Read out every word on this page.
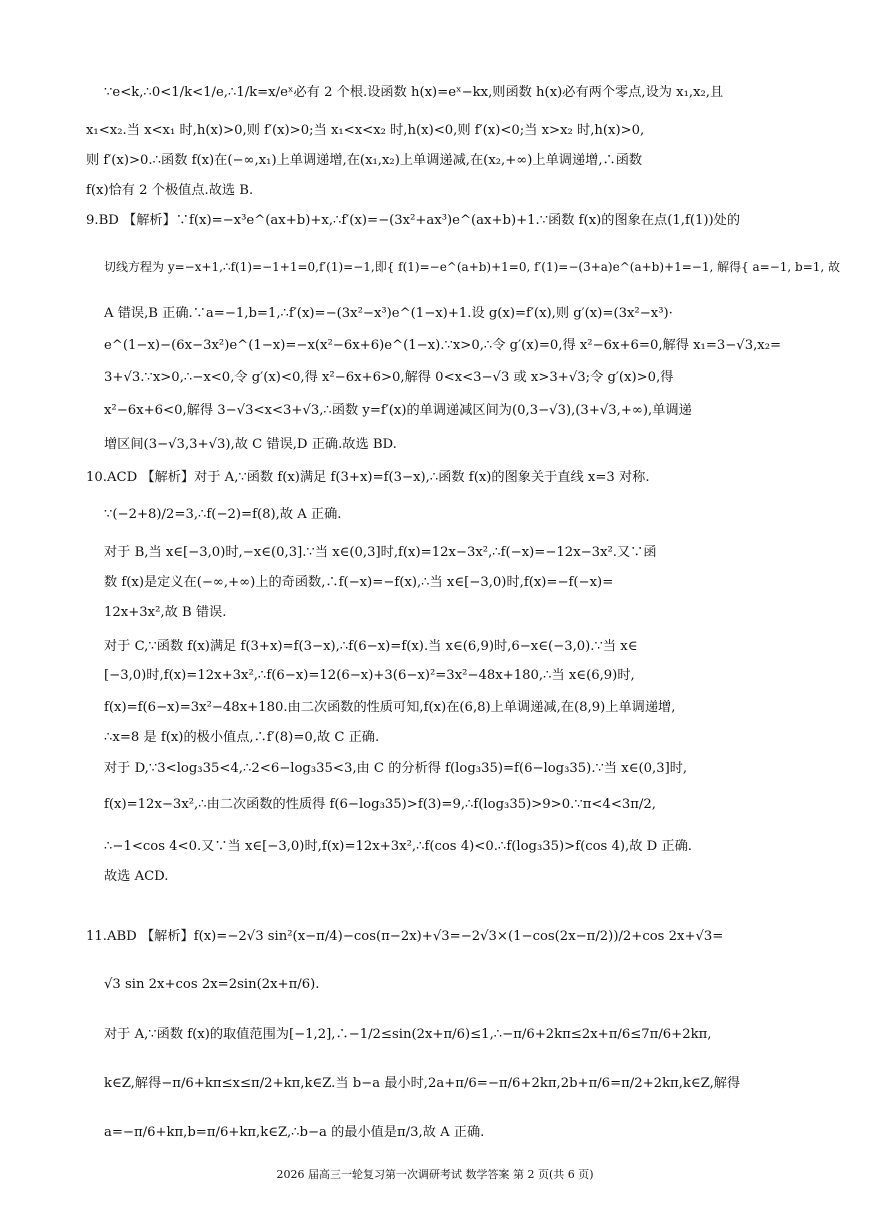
∵e<k,∴0<1/k<1/e,∴1/k=x/eˣ必有 2 个根.设函数 h(x)=eˣ−kx,则函数 h(x)必有两个零点,设为 x₁,x₂,且
x₁<x₂.当 x<x₁ 时,h(x)>0,则 f′(x)>0;当 x₁<x<x₂ 时,h(x)<0,则 f′(x)<0;当 x>x₂ 时,h(x)>0,
则 f′(x)>0.∴函数 f(x)在(−∞,x₁)上单调递增,在(x₁,x₂)上单调递减,在(x₂,+∞)上单调递增,∴函数
f(x)恰有 2 个极值点.故选 B.
9.BD 【解析】∵f(x)=−x³e^(ax+b)+x,∴f′(x)=−(3x²+ax³)e^(ax+b)+1.∵函数 f(x)的图象在点(1,f(1))处的
切线方程为 y=−x+1,∴f(1)=−1+1=0,f′(1)=−1,即{ f(1)=−e^(a+b)+1=0, f′(1)=−(3+a)e^(a+b)+1=−1, 解得{ a=−1, b=1, 故
A 错误,B 正确.∵a=−1,b=1,∴f′(x)=−(3x²−x³)e^(1−x)+1.设 g(x)=f′(x),则 g′(x)=(3x²−x³)·
e^(1−x)−(6x−3x²)e^(1−x)=−x(x²−6x+6)e^(1−x).∵x>0,∴令 g′(x)=0,得 x²−6x+6=0,解得 x₁=3−√3,x₂=
3+√3.∵x>0,∴−x<0,令 g′(x)<0,得 x²−6x+6>0,解得 0<x<3−√3 或 x>3+√3;令 g′(x)>0,得
x²−6x+6<0,解得 3−√3<x<3+√3,∴函数 y=f′(x)的单调递减区间为(0,3−√3),(3+√3,+∞),单调递
增区间(3−√3,3+√3),故 C 错误,D 正确.故选 BD.
10.ACD 【解析】对于 A,∵函数 f(x)满足 f(3+x)=f(3−x),∴函数 f(x)的图象关于直线 x=3 对称.
∵(−2+8)/2=3,∴f(−2)=f(8),故 A 正确.
对于 B,当 x∈[−3,0)时,−x∈(0,3].∵当 x∈(0,3]时,f(x)=12x−3x²,∴f(−x)=−12x−3x².又∵函
数 f(x)是定义在(−∞,+∞)上的奇函数,∴f(−x)=−f(x),∴当 x∈[−3,0)时,f(x)=−f(−x)=
12x+3x²,故 B 错误.
对于 C,∵函数 f(x)满足 f(3+x)=f(3−x),∴f(6−x)=f(x).当 x∈(6,9)时,6−x∈(−3,0).∵当 x∈
[−3,0)时,f(x)=12x+3x²,∴f(6−x)=12(6−x)+3(6−x)²=3x²−48x+180,∴当 x∈(6,9)时,
f(x)=f(6−x)=3x²−48x+180.由二次函数的性质可知,f(x)在(6,8)上单调递减,在(8,9)上单调递增,
∴x=8 是 f(x)的极小值点,∴f′(8)=0,故 C 正确.
对于 D,∵3<log₃35<4,∴2<6−log₃35<3,由 C 的分析得 f(log₃35)=f(6−log₃35).∵当 x∈(0,3]时,
f(x)=12x−3x²,∴由二次函数的性质得 f(6−log₃35)>f(3)=9,∴f(log₃35)>9>0.∵π<4<3π/2,
∴−1<cos 4<0.又∵当 x∈[−3,0)时,f(x)=12x+3x²,∴f(cos 4)<0.∴f(log₃35)>f(cos 4),故 D 正确.
故选 ACD.
11.ABD 【解析】f(x)=−2√3 sin²(x−π/4)−cos(π−2x)+√3=−2√3×(1−cos(2x−π/2))/2+cos 2x+√3=
√3 sin 2x+cos 2x=2sin(2x+π/6).
对于 A,∵函数 f(x)的取值范围为[−1,2],∴−1/2≤sin(2x+π/6)≤1,∴−π/6+2kπ≤2x+π/6≤7π/6+2kπ,
k∈Z,解得−π/6+kπ≤x≤π/2+kπ,k∈Z.当 b−a 最小时,2a+π/6=−π/6+2kπ,2b+π/6=π/2+2kπ,k∈Z,解得
a=−π/6+kπ,b=π/6+kπ,k∈Z,∴b−a 的最小值是π/3,故 A 正确.
2026 届高三一轮复习第一次调研考试 数学答案 第 2 页(共 6 页)
